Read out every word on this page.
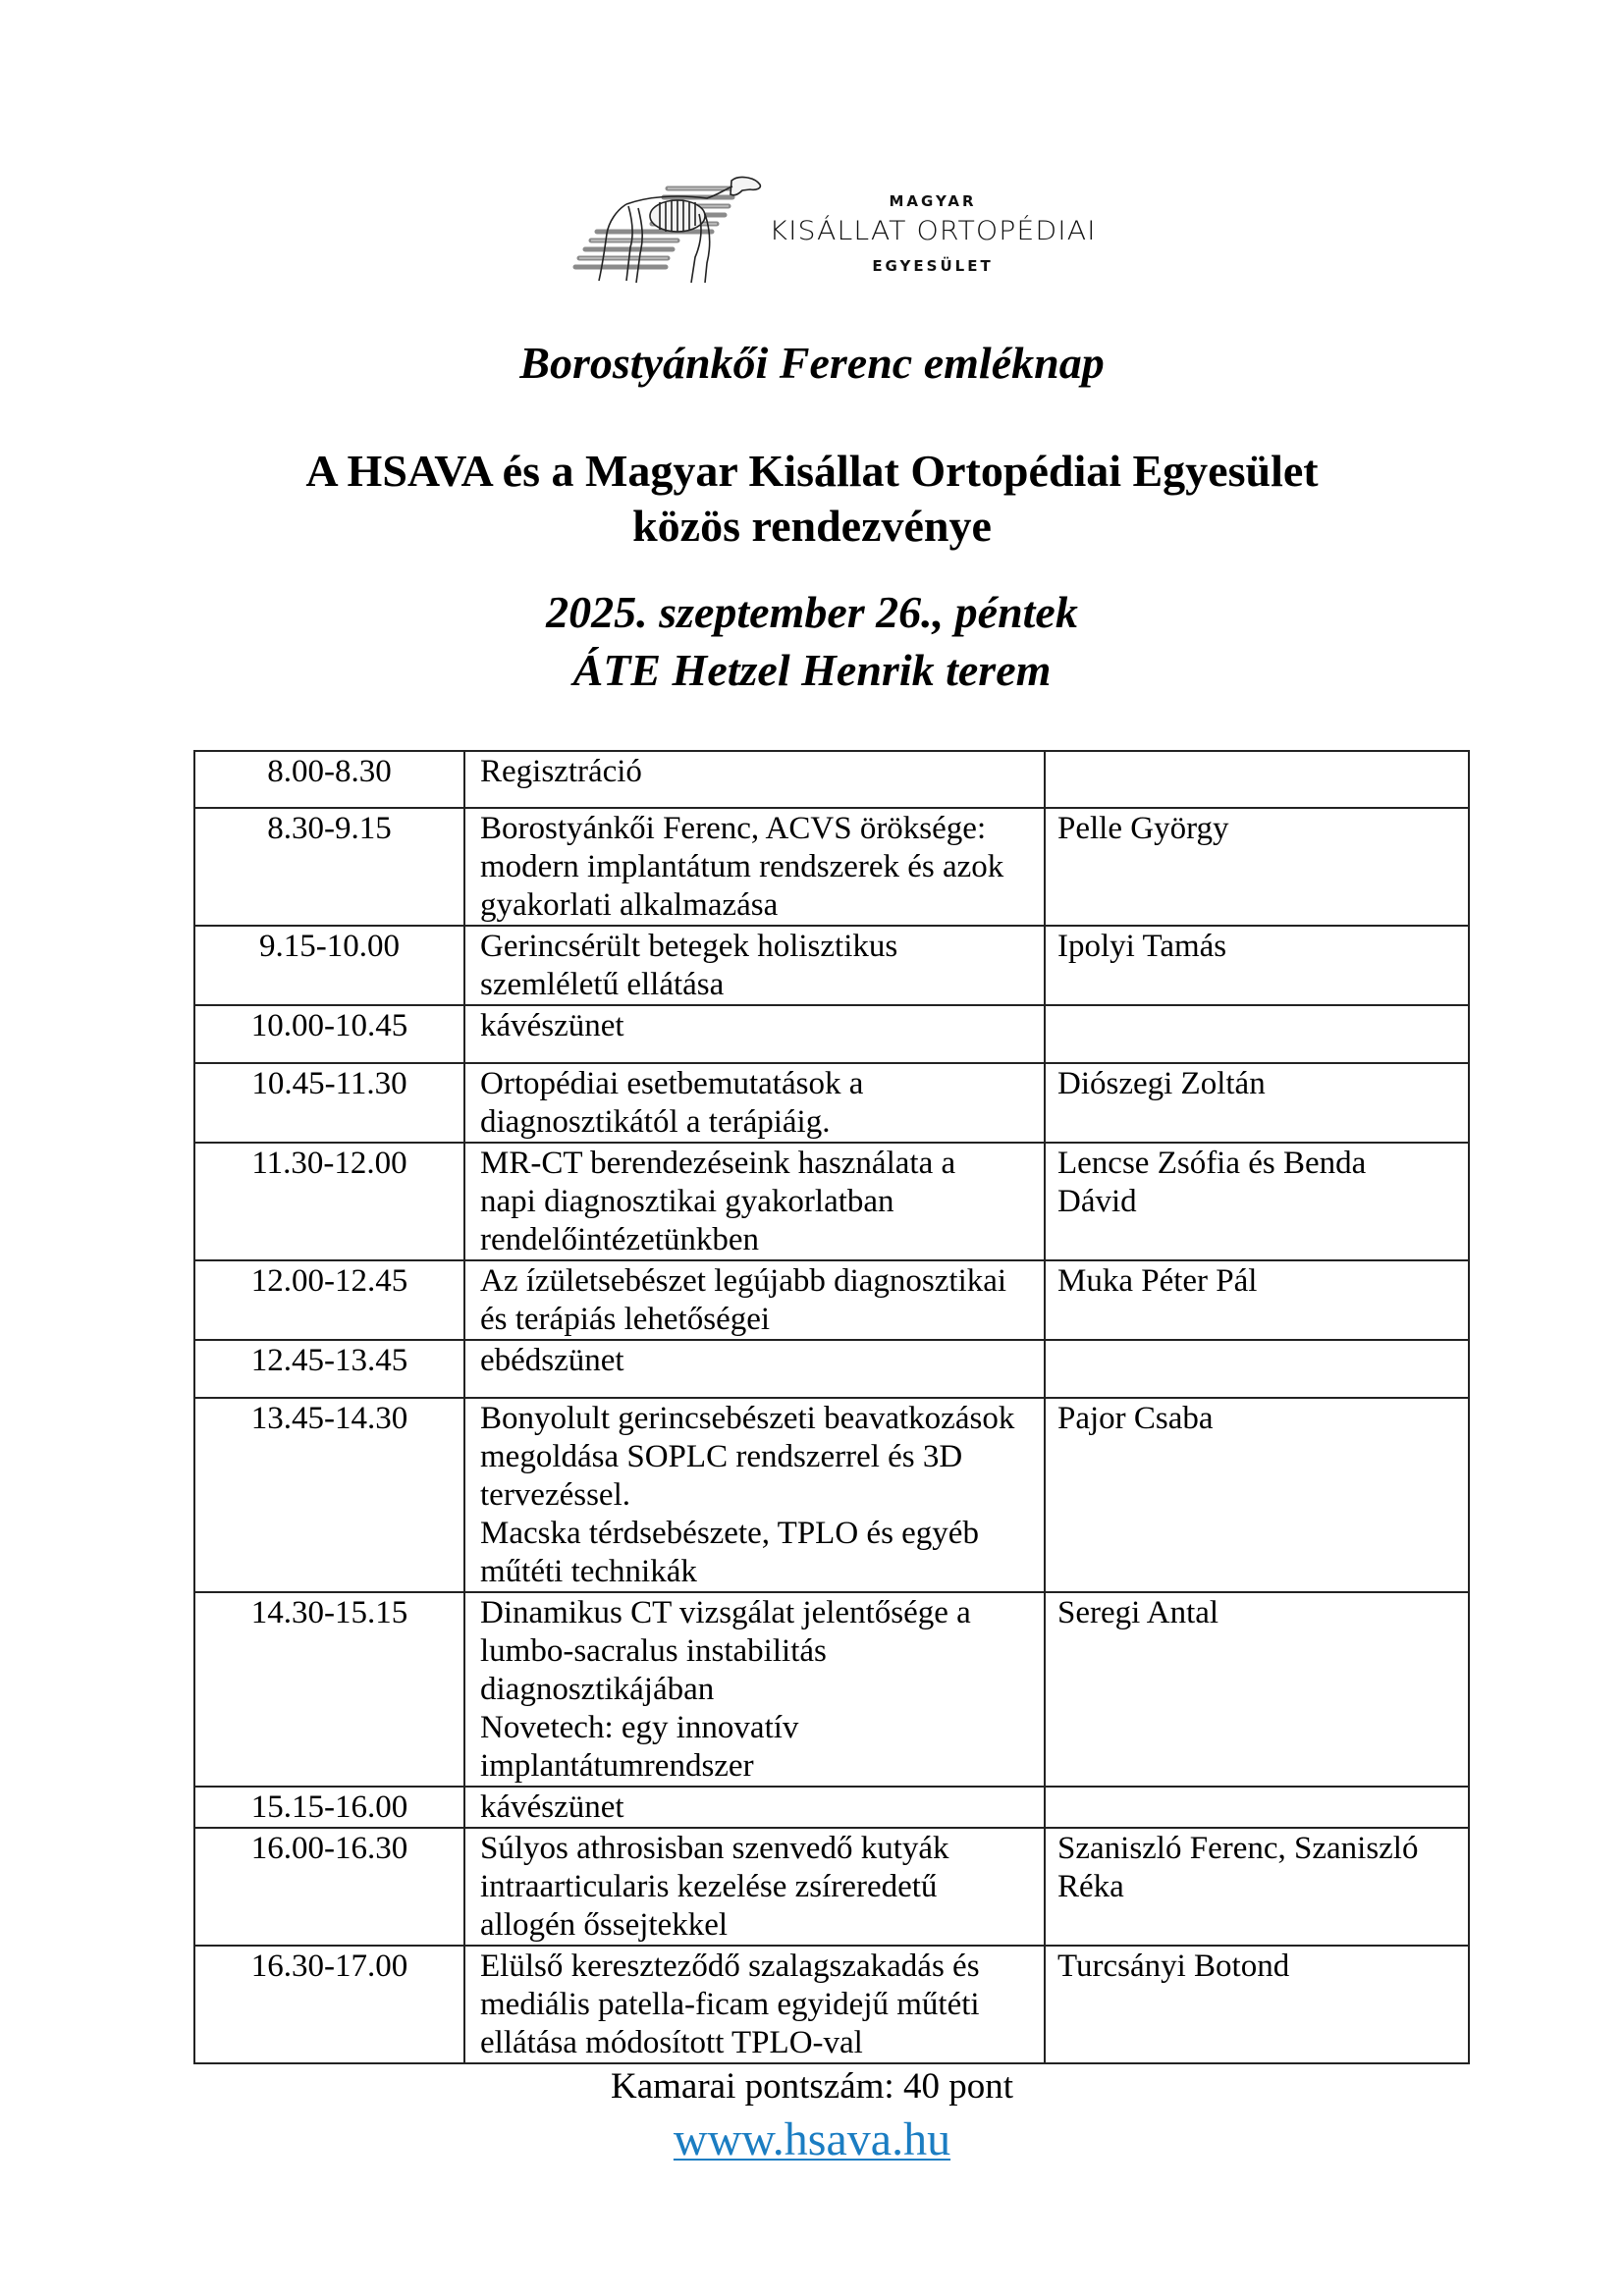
MAGYAR
KISÁLLAT ORTOPÉDIAI
EGYESÜLET
Borostyánkői Ferenc emléknap
A HSAVA és a Magyar Kisállat Ortopédiai Egyesület
közös rendezvénye
2025. szeptember 26., péntek
ÁTE Hetzel Henrik terem
8.00-8.30	Regisztráció	
8.30-9.15	Borostyánkői Ferenc, ACVS öröksége:
modern implantátum rendszerek és azok
gyakorlati alkalmazása	Pelle György
9.15-10.00	Gerincsérült betegek holisztikus
szemléletű ellátása	Ipolyi Tamás
10.00-10.45	kávészünet	
10.45-11.30	Ortopédiai esetbemutatások a
diagnosztikától a terápiáig.	Diószegi Zoltán
11.30-12.00	MR-CT berendezéseink használata a
napi diagnosztikai gyakorlatban
rendelőintézetünkben	Lencse Zsófia és Benda
Dávid
12.00-12.45	Az ízületsebészet legújabb diagnosztikai
és terápiás lehetőségei	Muka Péter Pál
12.45-13.45	ebédszünet	
13.45-14.30	Bonyolult gerincsebészeti beavatkozások
megoldása SOPLC rendszerrel és 3D
tervezéssel.
Macska térdsebészete, TPLO és egyéb
műtéti technikák	Pajor Csaba
14.30-15.15	Dinamikus CT vizsgálat jelentősége a
lumbo-sacralus instabilitás
diagnosztikájában
Novetech: egy innovatív
implantátumrendszer	Seregi Antal
15.15-16.00	kávészünet	
16.00-16.30	Súlyos athrosisban szenvedő kutyák
intraarticularis kezelése zsíreredetű
allogén őssejtekkel	Szaniszló Ferenc, Szaniszló
Réka
16.30-17.00	Elülső kereszteződő szalagszakadás és
mediális patella-ficam egyidejű műtéti
ellátása módosított TPLO-val	Turcsányi Botond
Kamarai pontszám: 40 pont
www.hsava.hu
